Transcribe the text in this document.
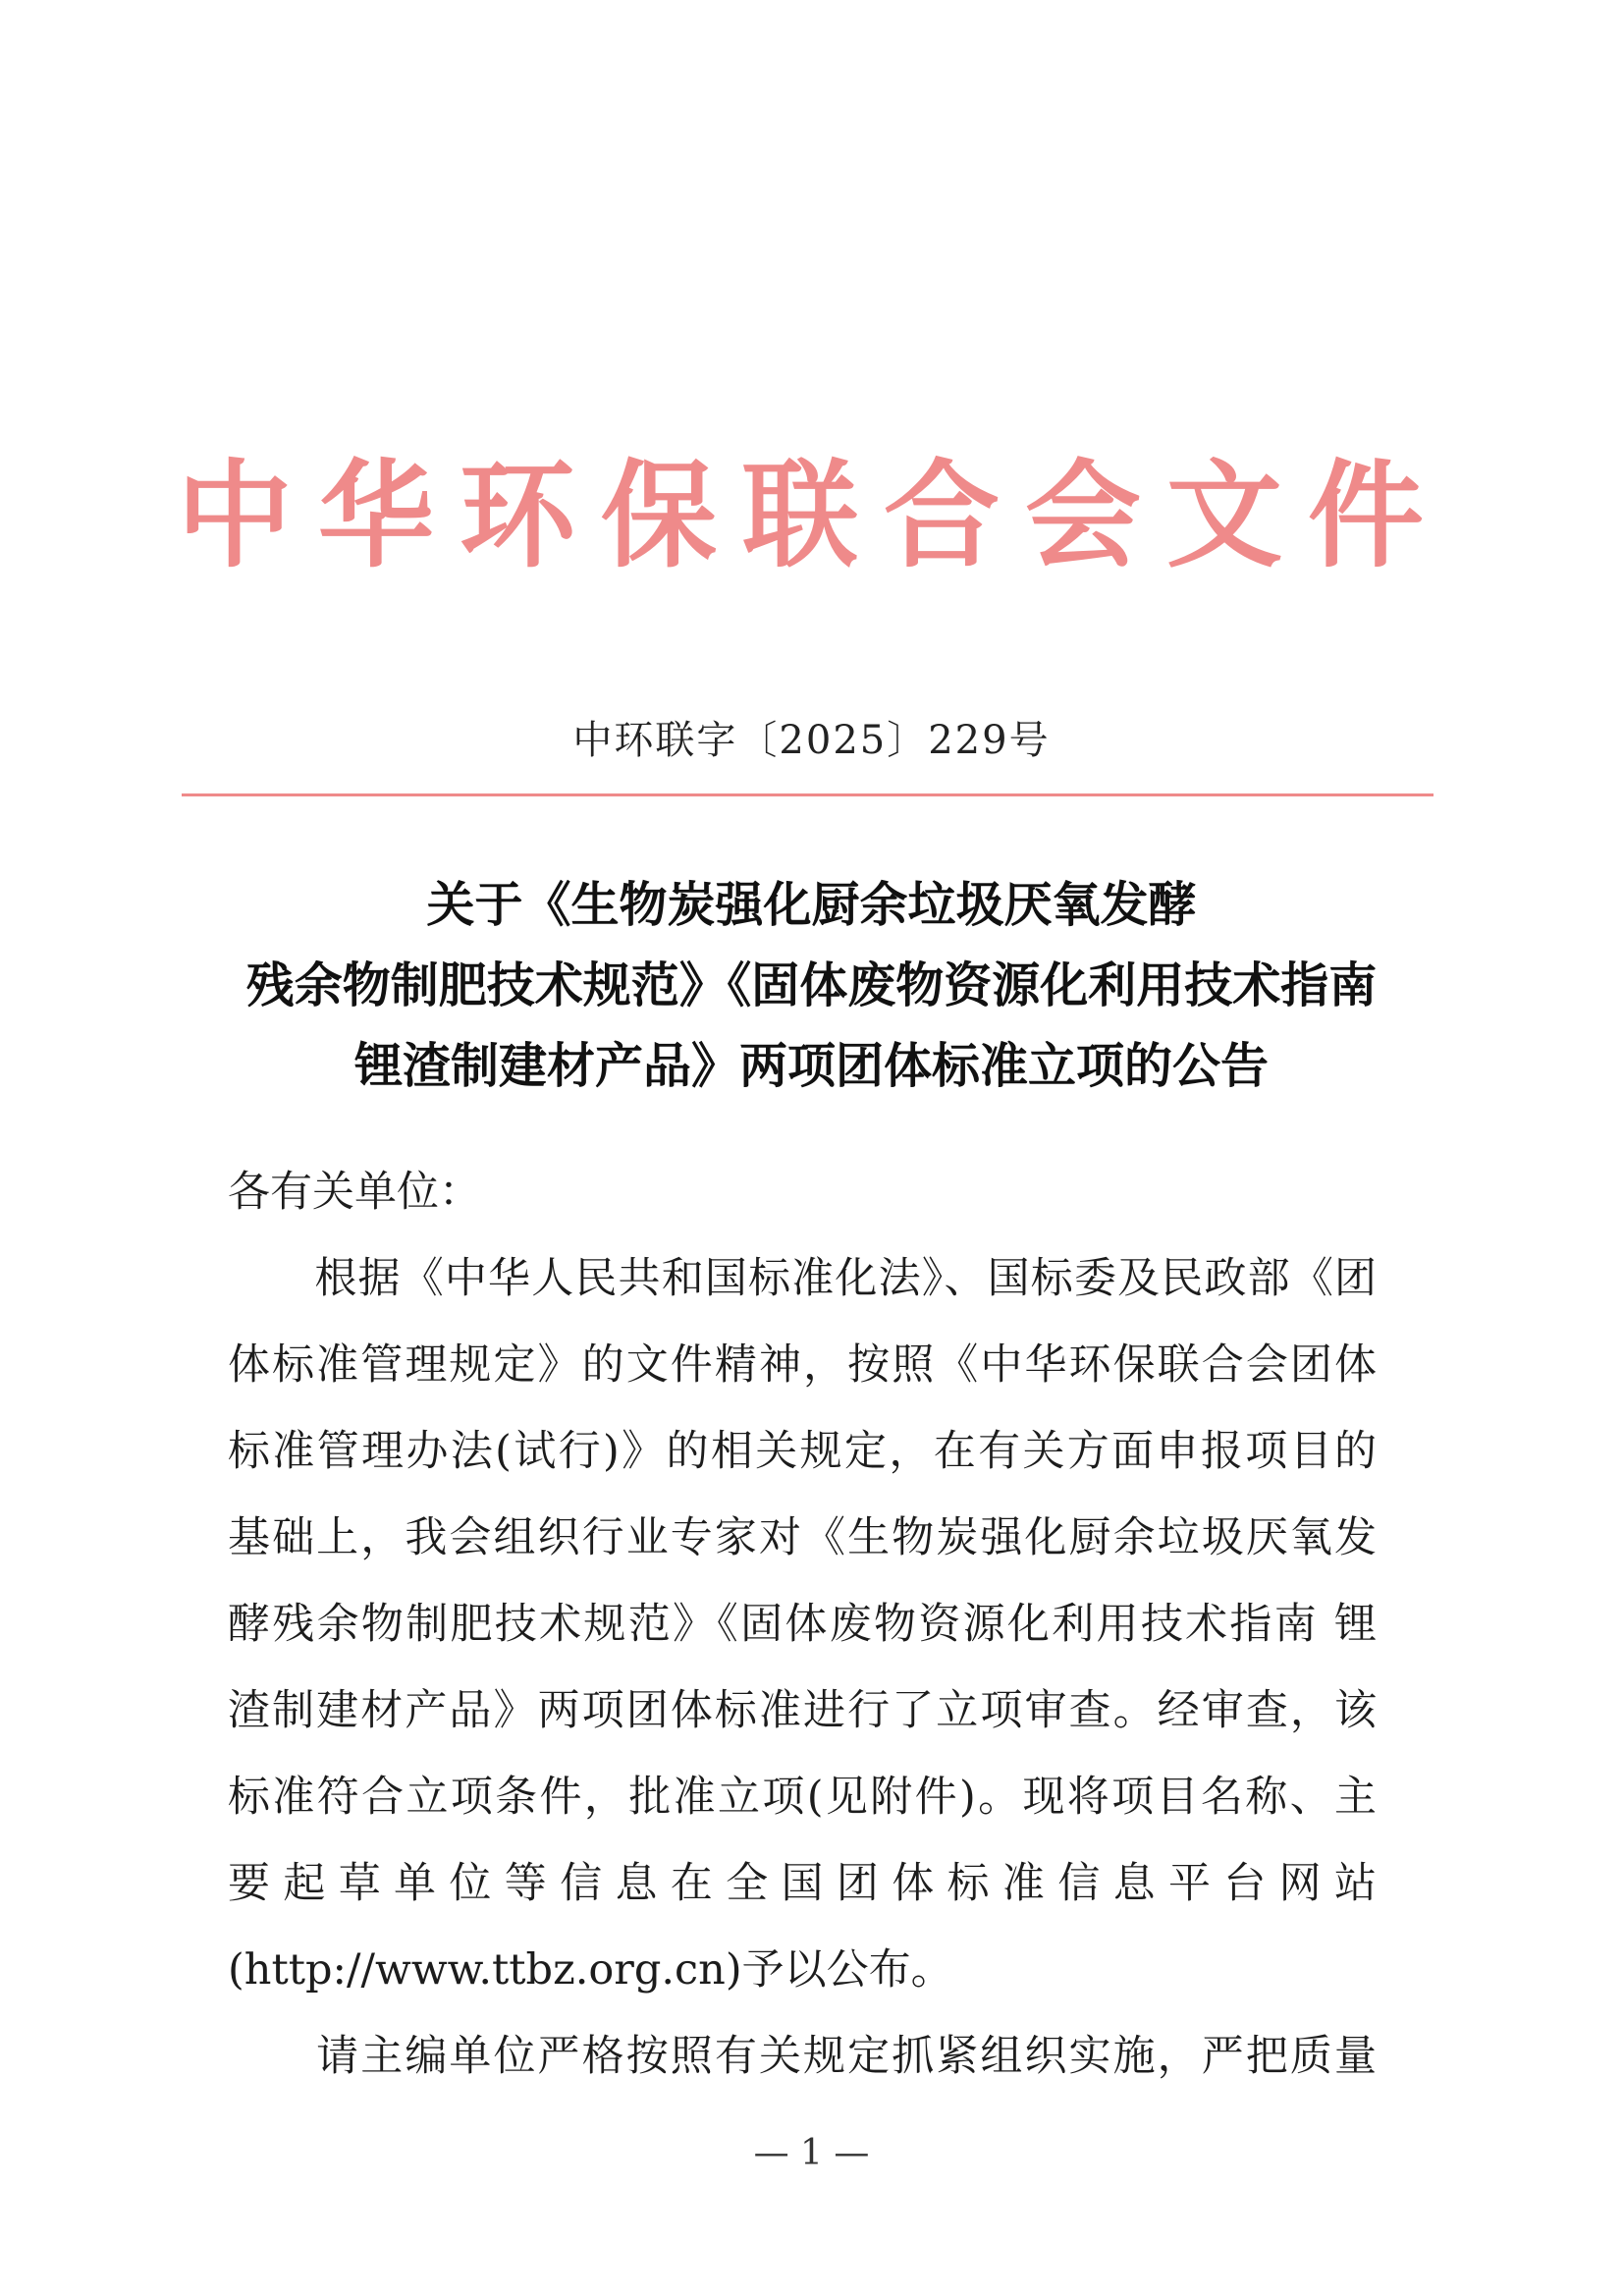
中华环保联合会文件
中环联字〔2025〕229号
关于《生物炭强化厨余垃圾厌氧发酵
残余物制肥技术规范》《固体废物资源化利用技术指南
锂渣制建材产品》两项团体标准立项的公告
各有关单位：
　　根据《中华人民共和国标准化法》、国标委及民政部《团
体标准管理规定》的文件精神，按照《中华环保联合会团体
标准管理办法(试行)》的相关规定，在有关方面申报项目的
基础上，我会组织行业专家对《生物炭强化厨余垃圾厌氧发
酵残余物制肥技术规范》《固体废物资源化利用技术指南 锂
渣制建材产品》两项团体标准进行了立项审查。经审查，该
标准符合立项条件，批准立项(见附件)。现将项目名称、主
要起草单位等信息在全国团体标准信息平台网站
(http://www.ttbz.org.cn)予以公布。
　　请主编单位严格按照有关规定抓紧组织实施，严把质量
— 1 —
